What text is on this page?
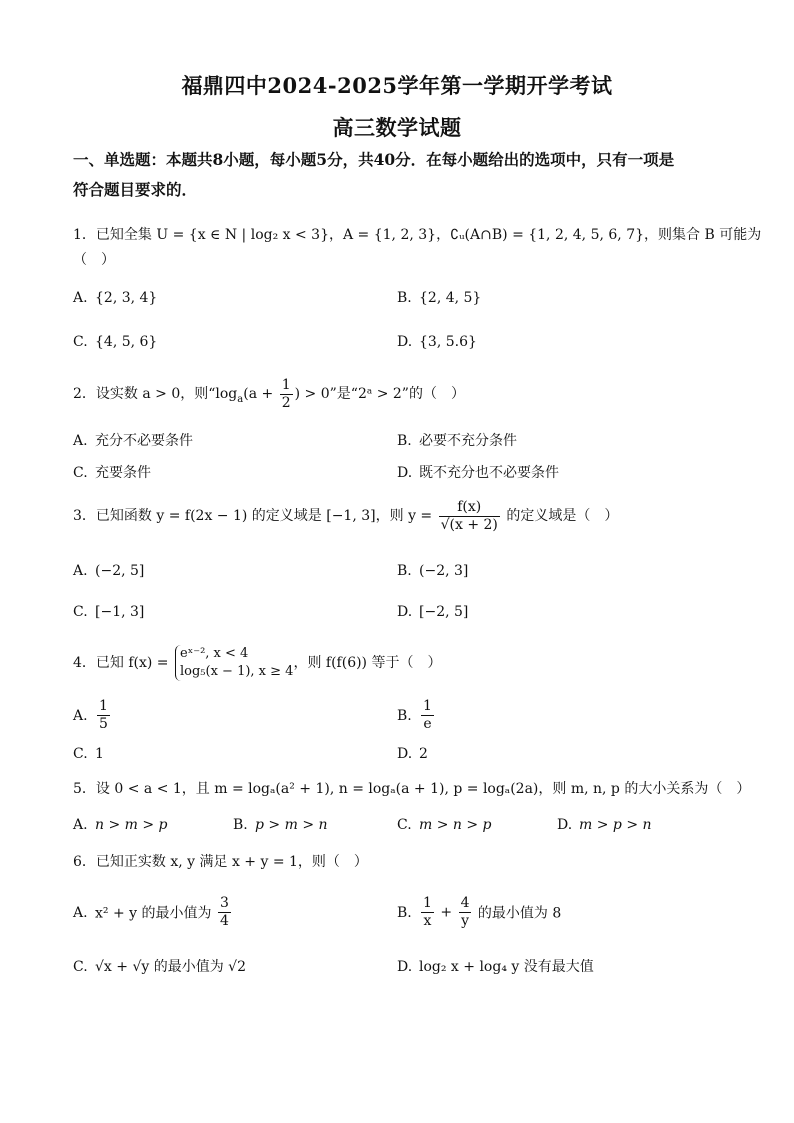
福鼎四中2024-2025学年第一学期开学考试
高三数学试题
一、单选题：本题共8小题，每小题5分，共40分．在每小题给出的选项中，只有一项是
符合题目要求的．
1．已知全集 U = {x ∈ N | log₂ x < 3}，A = {1, 2, 3}，∁ᵤ(A∩B) = {1, 2, 4, 5, 6, 7}，则集合 B 可能为
（　）
A. {2, 3, 4}	B. {2, 4, 5}
C. {4, 5, 6}	D. {3, 5.6}
2．设实数 a > 0，则“$\log_a(a + \frac{1}{2}$ ) > 0”是“2ᵃ > 2”的（　）
A. 充分不必要条件	B. 必要不充分条件
C. 充要条件	D. 既不充分也不必要条件
3．已知函数 y = f(2x − 1) 的定义域是 [−1, 3]，则 $y = \frac{f(x)}{√(x + 2)}$ 的定义域是（　）
A. (−2, 5]	B. (−2, 3]
C. [−1, 3]	D. [−2, 5]
4．已知 f(x) =
eˣ⁻², x < 4
log₅(x − 1), x ≥ 4
，则 f(f(6)) 等于（　）
A. $\frac{1}{5}$	B. $\frac{1}{e}$
C. 1	D. 2
5．设 0 < a < 1，且 m = logₐ(a² + 1), n = logₐ(a + 1), p = logₐ(2a)，则 m, n, p 的大小关系为（　）
A. n > m > p	B. p > m > n	C. m > n > p	D. m > p > n
6．已知正实数 x, y 满足 x + y = 1，则（　）
A. x² + y 的最小值为 $\frac{3}{4}$	B. $\frac{1}{x} + \frac{4}{y}$ 的最小值为 8
C. √x + √y 的最小值为 √2	D. log₂ x + log₄ y 没有最大值
